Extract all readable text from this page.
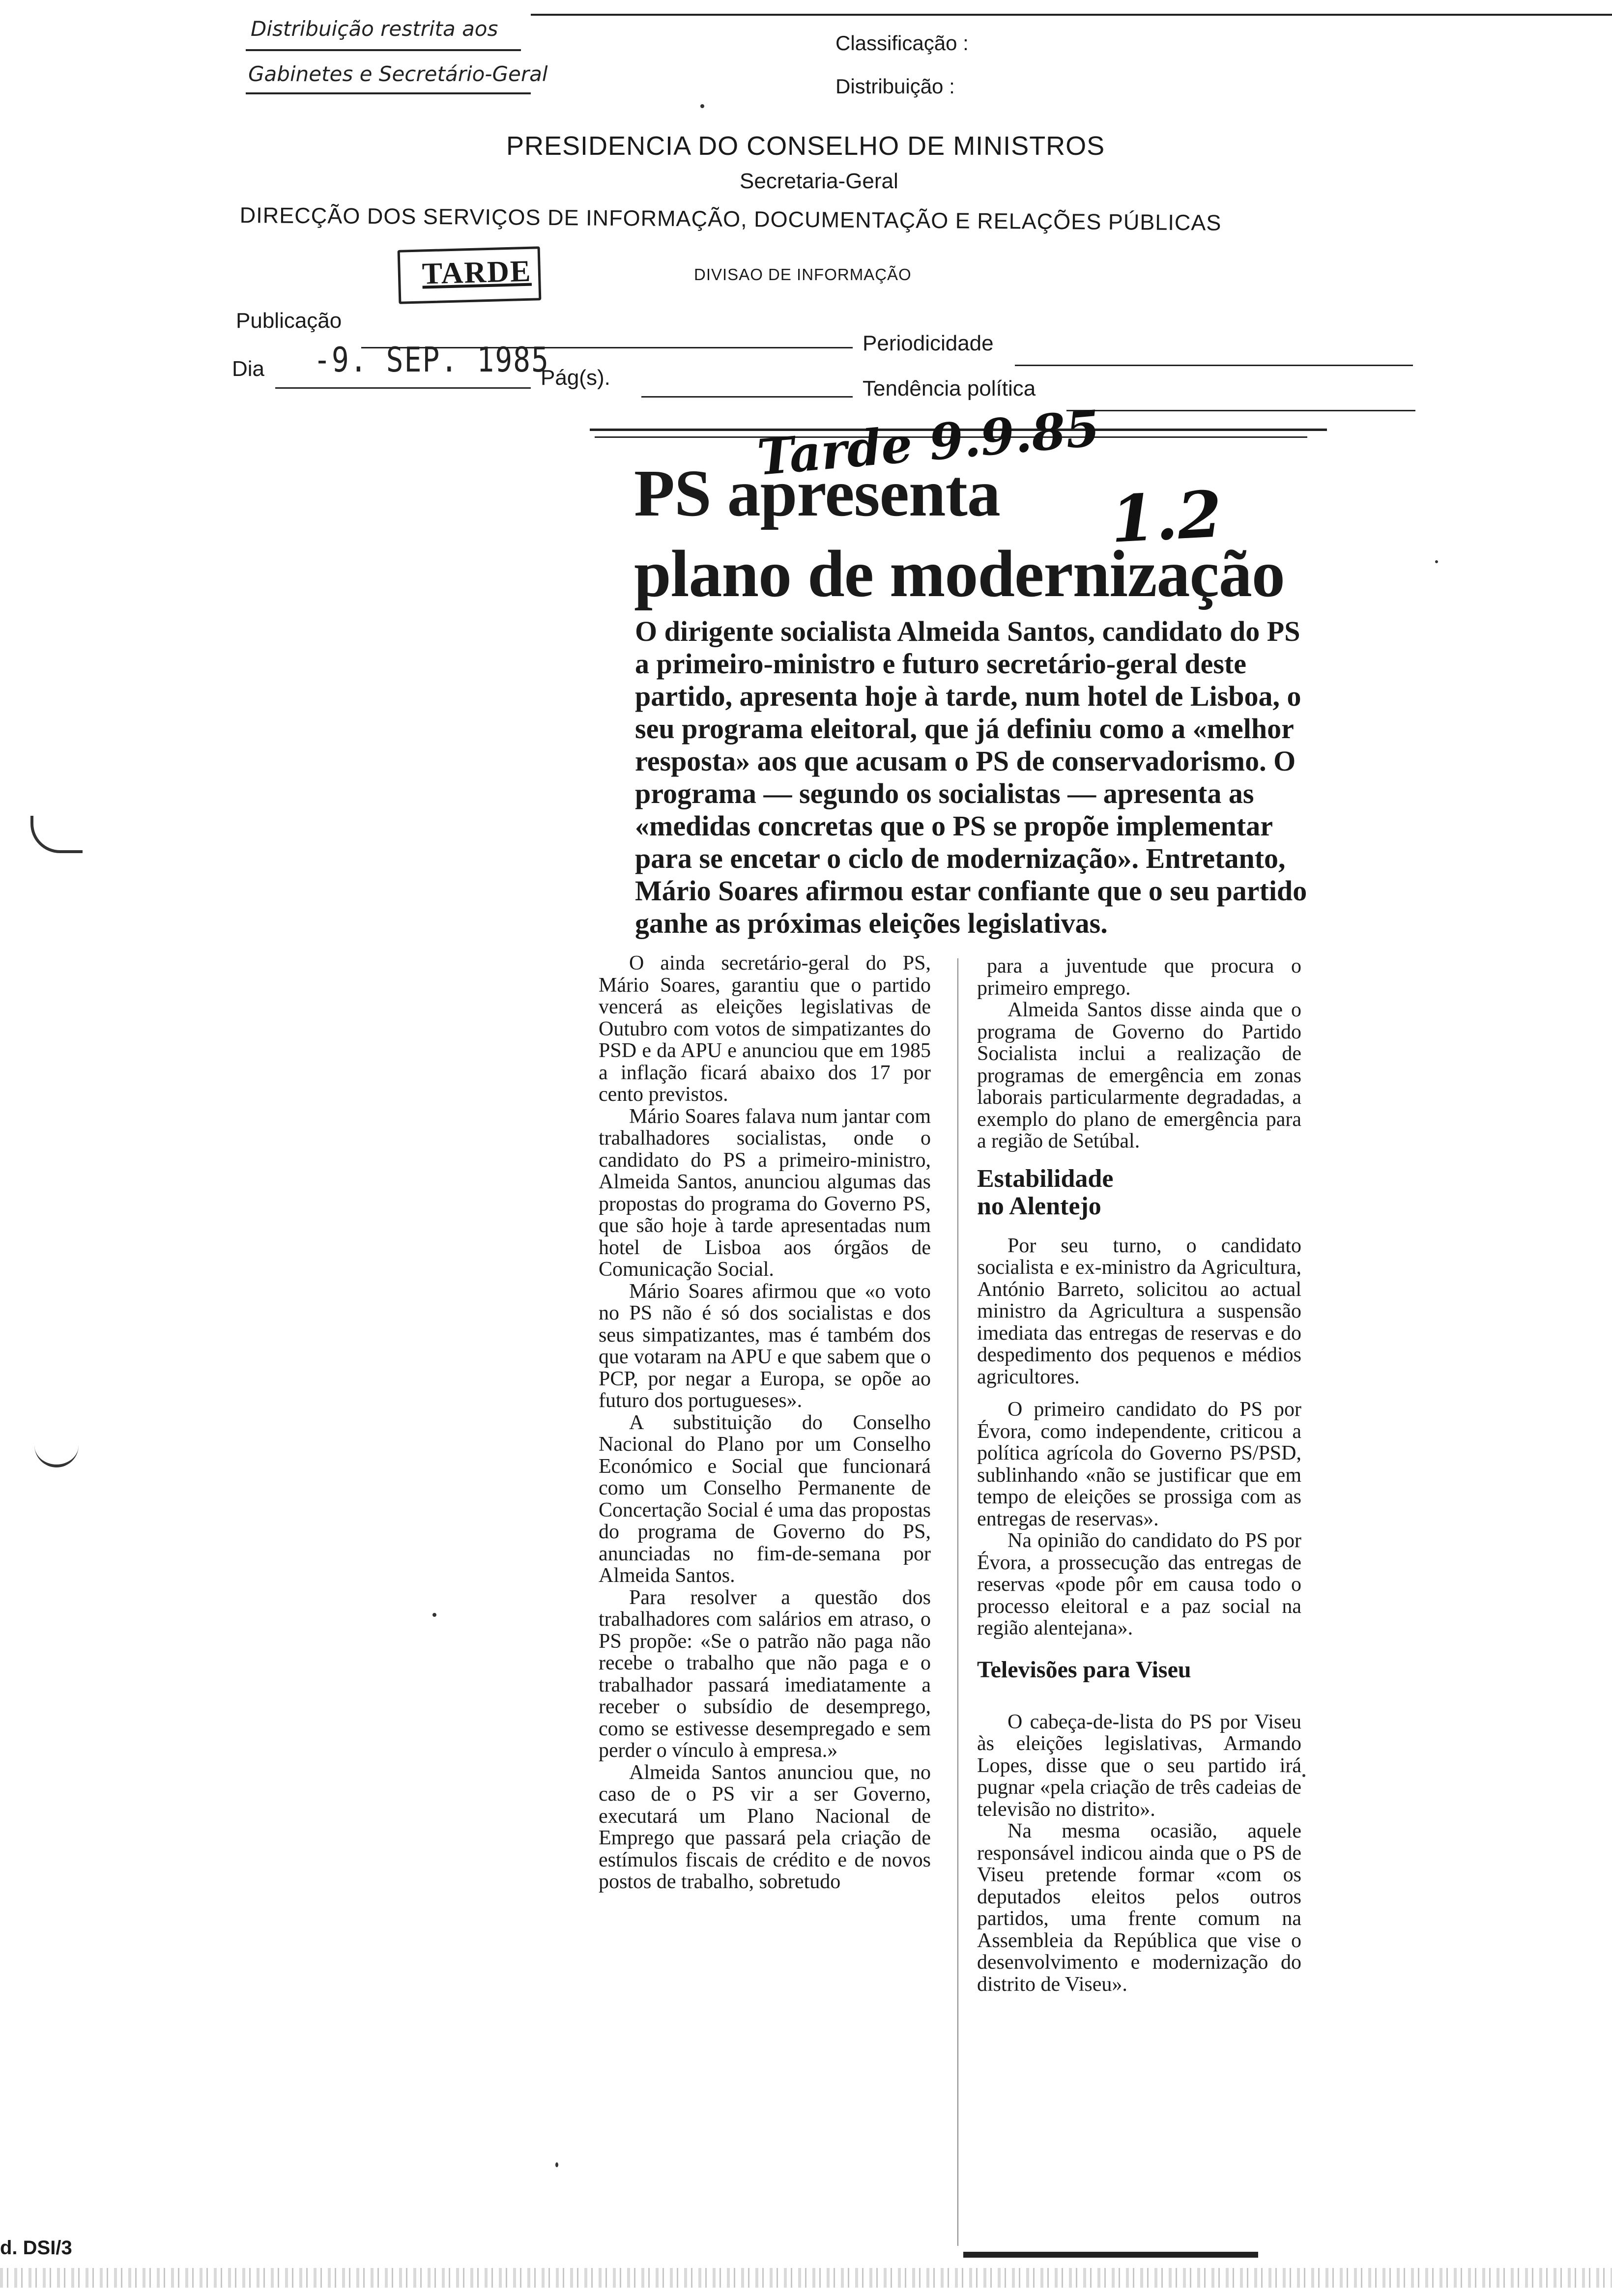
Distribuição restrita aos
Gabinetes e Secretário-Geral
Classificação :
Distribuição :
PRESIDENCIA DO CONSELHO DE MINISTROS
Secretaria-Geral
DIRECÇÃO DOS SERVIÇOS DE INFORMAÇÃO, DOCUMENTAÇÃO E RELAÇÕES PÚBLICAS
TARDE	DIVISAO DE INFORMAÇÃO
Publicação
Periodicidade
Dia -9. SEP. 1985
Pág(s).	Tendência política
Tarde 9.9.85
1.2
PS apresenta
plano de modernização
O dirigente socialista Almeida Santos, candidato do PS a primeiro-ministro e futuro secretário-geral deste partido, apresenta hoje à tarde, num hotel de Lisboa, o seu programa eleitoral, que já definiu como a «melhor resposta» aos que acusam o PS de conservadorismo. O programa — segundo os socialistas — apresenta as «medidas concretas que o PS se propõe implementar para se encetar o ciclo de modernização». Entretanto, Mário Soares afirmou estar confiante que o seu partido ganhe as próximas eleições legislativas.

O ainda secretário-geral do PS, Mário Soares, garantiu que o partido vencerá as eleições legislativas de Outubro com votos de simpatizantes do PSD e da APU e anunciou que em 1985 a inflação ficará abaixo dos 17 por cento previstos.

Mário Soares falava num jantar com trabalhadores socialistas, onde o candidato do PS a primeiro-ministro, Almeida Santos, anunciou algumas das propostas do programa do Governo PS, que são hoje à tarde apresentadas num hotel de Lisboa aos órgãos de Comunicação Social.

Mário Soares afirmou que «o voto no PS não é só dos socialistas e dos seus simpatizantes, mas é também dos que votaram na APU e que sabem que o PCP, por negar a Europa, se opõe ao futuro dos portugueses».

A substituição do Conselho Nacional do Plano por um Conselho Económico e Social que funcionará como um Conselho Permanente de Concertação Social é uma das propostas do programa de Governo do PS, anunciadas no fim-de-semana por Almeida Santos.

Para resolver a questão dos trabalhadores com salários em atraso, o PS propõe: «Se o patrão não paga não recebe o trabalho que não paga e o trabalhador passará imediatamente a receber o subsídio de desemprego, como se estivesse desempregado e sem perder o vínculo à empresa.»

Almeida Santos anunciou que, no caso de o PS vir a ser Governo, executará um Plano Nacional de Emprego que passará pela criação de estímulos fiscais de crédito e de novos postos de trabalho, sobretudo

para a juventude que procura o primeiro emprego.

Almeida Santos disse ainda que o programa de Governo do Partido Socialista inclui a realização de programas de emergência em zonas laborais particularmente degradadas, a exemplo do plano de emergência para a região de Setúbal.

Estabilidade
no Alentejo

Por seu turno, o candidato socialista e ex-ministro da Agricultura, António Barreto, solicitou ao actual ministro da Agricultura a suspensão imediata das entregas de reservas e do despedimento dos pequenos e médios agricultores.

O primeiro candidato do PS por Évora, como independente, criticou a política agrícola do Governo PS/PSD, sublinhando «não se justificar que em tempo de eleições se prossiga com as entregas de reservas».

Na opinião do candidato do PS por Évora, a prossecução das entregas de reservas «pode pôr em causa todo o processo eleitoral e a paz social na região alentejana».

Televisões para Viseu

O cabeça-de-lista do PS por Viseu às eleições legislativas, Armando Lopes, disse que o seu partido irá pugnar «pela criação de três cadeias de televisão no distrito».

Na mesma ocasião, aquele responsável indicou ainda que o PS de Viseu pretende formar «com os deputados eleitos pelos outros partidos, uma frente comum na Assembleia da República que vise o desenvolvimento e modernização do distrito de Viseu».

d. DSI/3
